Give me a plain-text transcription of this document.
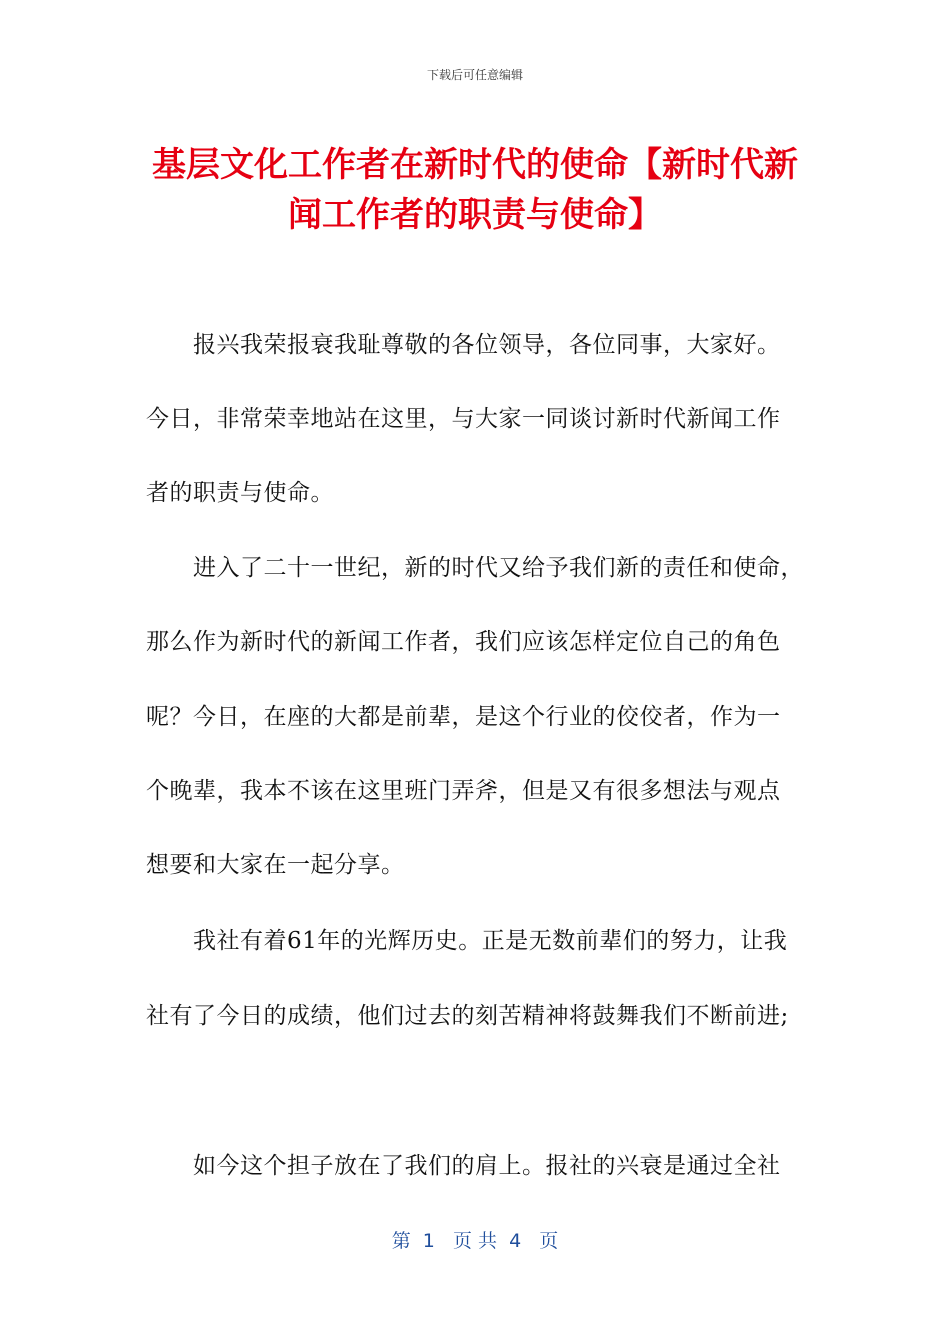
下载后可任意编辑
基层文化工作者在新时代的使命【新时代新闻工作者的职责与使命】

报兴我荣报衰我耻尊敬的各位领导，各位同事，大家好。

今日，非常荣幸地站在这里，与大家一同谈讨新时代新闻工作

者的职责与使命。

进入了二十一世纪，新的时代又给予我们新的责任和使命，

那么作为新时代的新闻工作者，我们应该怎样定位自己的角色

呢？今日，在座的大都是前辈，是这个行业的佼佼者，作为一

个晚辈，我本不该在这里班门弄斧，但是又有很多想法与观点

想要和大家在一起分享。

我社有着61年的光辉历史。正是无数前辈们的努力，让我

社有了今日的成绩，他们过去的刻苦精神将鼓舞我们不断前进;

如今这个担子放在了我们的肩上。报社的兴衰是通过全社

第  1   页 共  4   页
